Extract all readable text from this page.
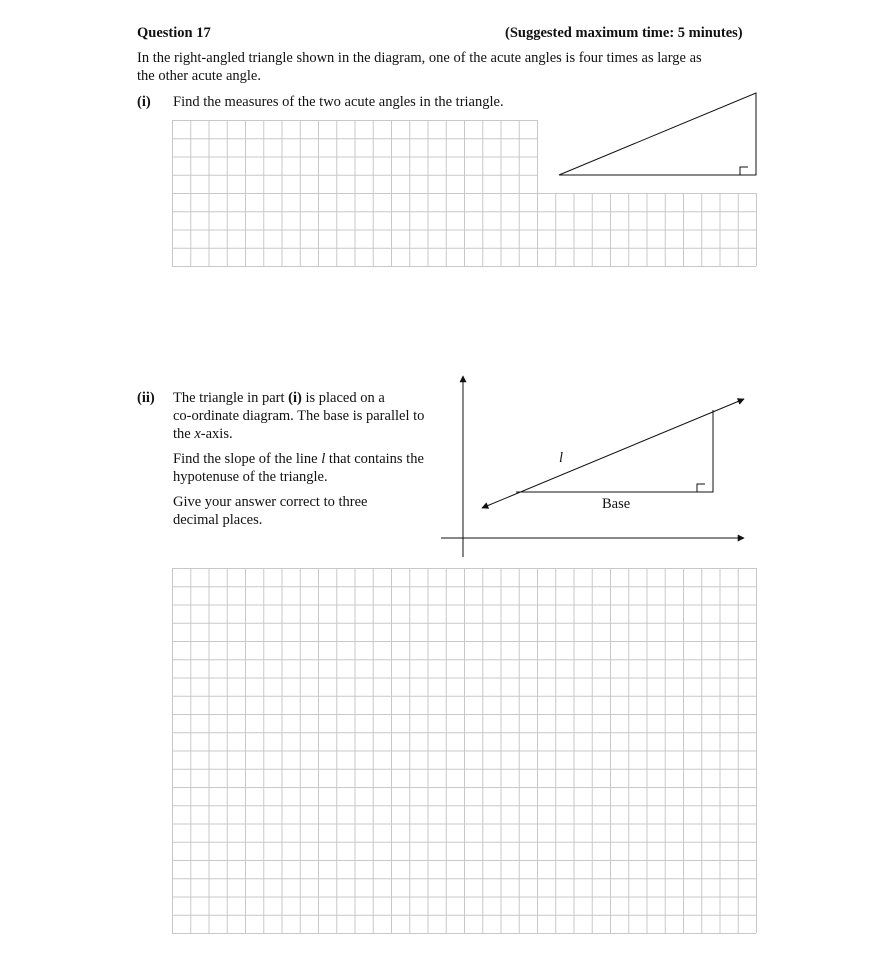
Question 17	(Suggested maximum time: 5 minutes)
In the right-angled triangle shown in the diagram, one of the acute angles is four times as large as
the other acute angle.
(i) Find the measures of the two acute angles in the triangle.
(ii) The triangle in part (i) is placed on a
co-ordinate diagram. The base is parallel to
the x-axis.
Find the slope of the line l that contains the
hypotenuse of the triangle.
Give your answer correct to three
decimal places.
l
Base
